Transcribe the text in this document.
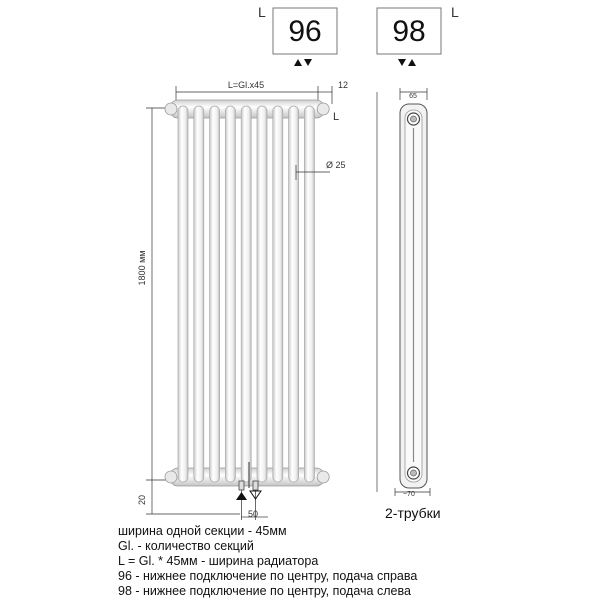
L
96 98
L
L=Gl.x45	12
L
1800 мм
20
Ø 25
50
65
~70
2-трубки
ширина одной секции - 45мм
Gl. - количество секций
L = Gl. * 45мм - ширина радиатора
96 - нижнее подключение по центру, подача справа
98 - нижнее подключение по центру, подача слева
